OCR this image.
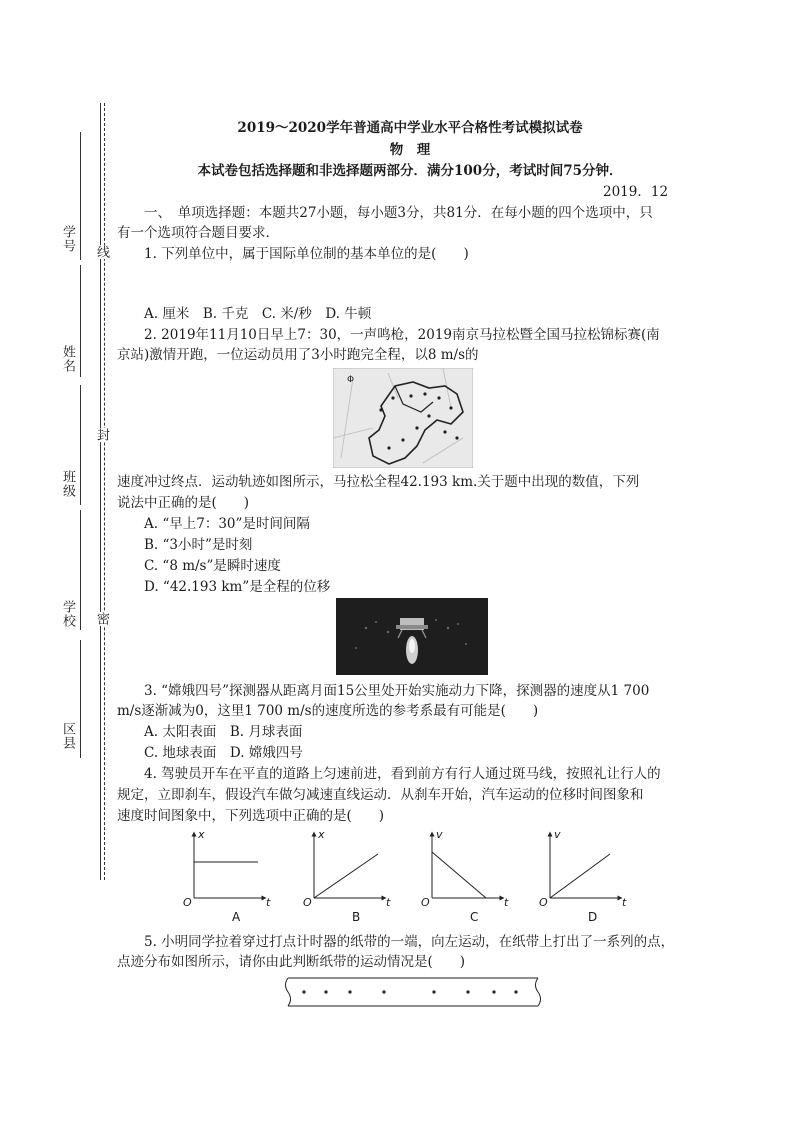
学号
姓名
班级
学校
区县
线
封
密
2019～2020学年普通高中学业水平合格性考试模拟试卷
物　理
本试卷包括选择题和非选择题两部分．满分100分，考试时间75分钟．
2019．12
一、　单项选择题：本题共27小题，每小题3分，共81分．在每小题的四个选项中，只
有一个选项符合题目要求．
1. 下列单位中，属于国际单位制的基本单位的是(　　)
A. 厘米　B. 千克　C. 米/秒　D. 牛顿
2. 2019年11月10日早上7：30，一声鸣枪，2019南京马拉松暨全国马拉松锦标赛(南
京站)激情开跑，一位运动员用了3小时跑完全程，以8 m/s的
Φ
速度冲过终点．运动轨迹如图所示，马拉松全程42.193 km.关于题中出现的数值，下列
说法中正确的是(　　)
A. “早上7：30”是时间间隔
B. “3小时”是时刻
C. “8 m/s”是瞬时速度
D. “42.193 km”是全程的位移
3. “嫦娥四号”探测器从距离月面15公里处开始实施动力下降，探测器的速度从1 700
m/s逐渐减为0，这里1 700 m/s的速度所选的参考系最有可能是(　　)
A. 太阳表面　B. 月球表面
C. 地球表面　D. 嫦娥四号
4. 驾驶员开车在平直的道路上匀速前进，看到前方有行人通过斑马线，按照礼让行人的
规定，立即刹车，假设汽车做匀减速直线运动．从刹车开始，汽车运动的位移时间图象和
速度时间图象中，下列选项中正确的是(　　)
x
t
O
A
x
t
O
B
v
t
O
C
v
t
O
D
5. 小明同学拉着穿过打点计时器的纸带的一端，向左运动，在纸带上打出了一系列的点，
点迹分布如图所示，请你由此判断纸带的运动情况是(　　)
